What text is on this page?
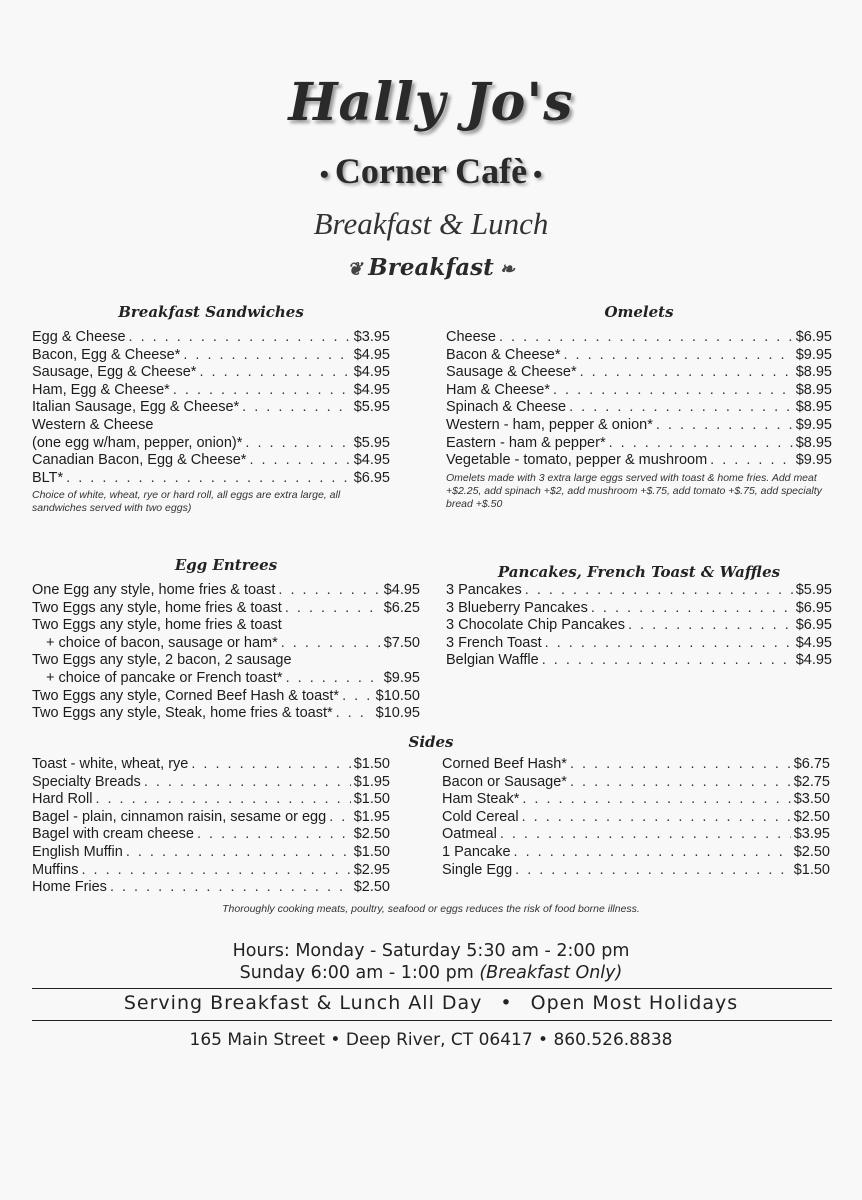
Hally Jo's
• Corner Cafè •
Breakfast & Lunch
❦ Breakfast ❧
Breakfast Sandwiches
Egg & Cheese . . .	$3.95
Bacon, Egg & Cheese* . . .	$4.95
Sausage, Egg & Cheese* . . .	$4.95
Ham, Egg & Cheese* . . .	$4.95
Italian Sausage, Egg & Cheese* . . .	$5.95
Western & Cheese
(one egg w/ham, pepper, onion)* . . .	$5.95
Canadian Bacon, Egg & Cheese* . . .	$4.95
BLT* . . .	$6.95
Choice of white, wheat, rye or hard roll, all eggs are extra large, all sandwiches served with two eggs)
Omelets
Cheese . . .	$6.95
Bacon & Cheese* . . .	$9.95
Sausage & Cheese* . . .	$8.95
Ham & Cheese* . . .	$8.95
Spinach & Cheese . . .	$8.95
Western - ham, pepper & onion* . . .	$9.95
Eastern - ham & pepper* . . .	$8.95
Vegetable - tomato, pepper & mushroom . . .	$9.95
Omelets made with 3 extra large eggs served with toast & home fries. Add meat +$2.25, add spinach +$2, add mushroom +$.75, add tomato +$.75, add specialty bread +$.50
Egg Entrees
One Egg any style, home fries & toast . . .	$4.95
Two Eggs any style, home fries & toast . . .	$6.25
Two Eggs any style, home fries & toast
+ choice of bacon, sausage or ham* . . .	$7.50
Two Eggs any style, 2 bacon, 2 sausage
+ choice of pancake or French toast* . . .	$9.95
Two Eggs any style, Corned Beef Hash & toast* . . .	$10.50
Two Eggs any style, Steak, home fries & toast* . . .	$10.95
Pancakes, French Toast & Waffles
3 Pancakes . . .	$5.95
3 Blueberry Pancakes . . .	$6.95
3 Chocolate Chip Pancakes . . .	$6.95
3 French Toast . . .	$4.95
Belgian Waffle . . .	$4.95
Sides
Toast - white, wheat, rye . . .	$1.50
Specialty Breads . . .	$1.95
Hard Roll . . .	$1.50
Bagel - plain, cinnamon raisin, sesame or egg . . . $1.95
Bagel with cream cheese . . .	$2.50
English Muffin . . .	$1.50
Muffins . . .	$2.95
Home Fries . . .	$2.50
Corned Beef Hash* . . .	$6.75
Bacon or Sausage* . . .	$2.75
Ham Steak* . . .	$3.50
Cold Cereal . . .	$2.50
Oatmeal . . .	$3.95
1 Pancake . . .	$2.50
Single Egg . . .	$1.50
Thoroughly cooking meats, poultry, seafood or eggs reduces the risk of food borne illness.
Hours: Monday - Saturday 5:30 am - 2:00 pm
Sunday 6:00 am - 1:00 pm (Breakfast Only)
Serving Breakfast & Lunch All Day • Open Most Holidays
165 Main Street • Deep River, CT 06417 • 860.526.8838
